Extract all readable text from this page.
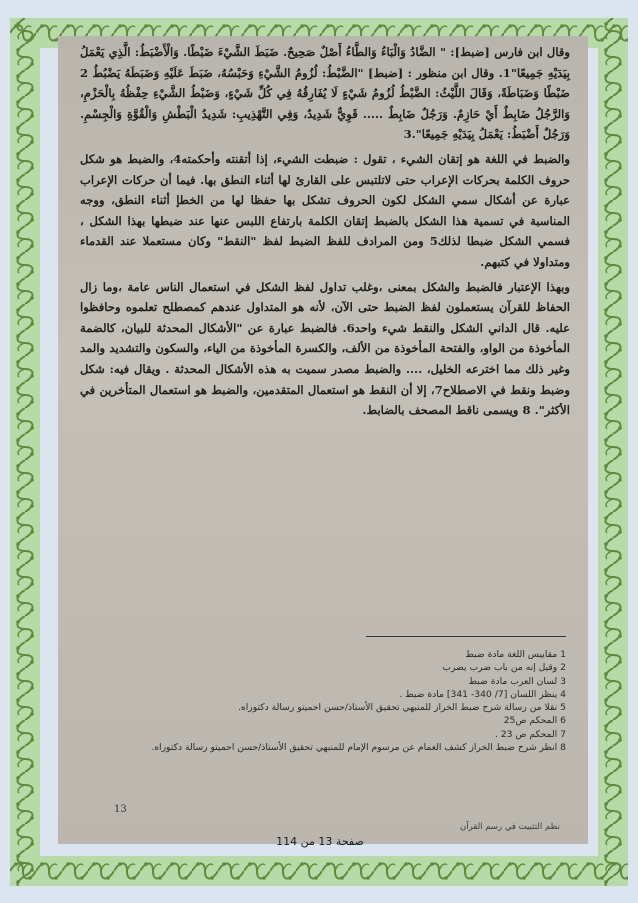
وقال ابن فارس [ضبط]: " الضَّادُ وَالْبَاءُ وَالطَّاءُ أَصْلٌ صَحِيحٌ. ضَبَطَ الشَّيْءَ ضَبْطًا. وَالْأَضْبَطُ: الَّذِي يَعْمَلُ بِيَدَيْهِ جَمِيعًا"1. وقال ابن منظور : [ضبط] "الضَّبْطُ: لُزُومُ الشَّيْءِ وَحَبْسُهُ، ضَبَطَ عَلَيْهِ وَضَبَطَهُ يَضْبُطُ 2 ضَبْطًا وَضَبَاطَةً، وَقَالَ اللَّيْثُ: الضَّبْطُ لُزُومُ شَيْءٍ لَا يُفَارِقُهُ فِي كُلِّ شَيْءٍ، وَضَبْطُ الشَّيْءِ حِفْظُهُ بِالْحَزْمِ، وَالرَّجُلُ ضَابِطٌ أَيْ حَازِمٌ. وَرَجُلٌ ضَابِطٌ ..... قَوِيٌّ شَدِيدٌ، وَفِي التَّهْذِيبِ: شَدِيدُ الْبَطْشِ وَالْقُوَّةِ وَالْجِسْمِ. وَرَجُلٌ أَضْبَطُ: يَعْمَلُ بِيَدَيْهِ جَمِيعًا".3

والضبط في اللغة هو إتقان الشيء ، تقول : ضبطت الشيء، إذا أتقنته وأحكمته4، والضبط هو شكل حروف الكلمة بحركات الإعراب حتى لاتلتبس على القارئ لها أثناء النطق بها. فيما أن حركات الإعراب عبارة عن أشكال سمي الشكل لكون الحروف تشكل بها حفظا لها من الخطإ أثناء النطق، ووجه المناسبة في تسمية هذا الشكل بالضبط إتقان الكلمة بارتفاع اللبس عنها عند ضبطها بهذا الشكل ، فسمي الشكل ضبطا لذلك5 ومن المرادف للفظ الضبط لفظ "النقط" وكان مستعملا عند القدماء ومتداولا في كتبهم.

وبهذا الإعتبار فالضبط والشكل بمعنى ،وغلب تداول لفظ الشكل في استعمال الناس عامة ،وما زال الحفاظ للقرآن يستعملون لفظ الضبط حتى الآن، لأنه هو المتداول عندهم كمصطلح تعلموه وحافظوا عليه. قال الداني الشكل والنقط شيء واحد6. فالضبط عبارة عن "الأشكال المحدثة للبيان، كالضمة المأخوذة من الواو، والفتحة المأخوذة من الألف، والكسرة المأخوذة من الياء، والسكون والتشديد والمد وغير ذلك مما اخترعه الخليل، .... والضبط مصدر سميت به هذه الأشكال المحدثة . ويقال فيه: شكل وضبط ونقط في الاصطلاح7، إلا أن النقط هو استعمال المتقدمين، والضبط هو استعمال المتأخرين في الأكثر". 8 ويسمى ناقط المصحف بالضابط.

1 مقاييس اللغة مادة ضبط
2 وقيل إنه من باب ضرب يضرب
3 لسان العرب مادة ضبط
4 ينظر اللسان [7/ 340- 341] مادة ضبط .
5 نقلا من رسالة شرح ضبط الخراز للمنبهي تحقيق الأستاذ/حسن احميتو رسالة دكتوراه.
6 المحكم ص25
7 المحكم ص 23 .
8 انظر شرح ضبط الخراز كشف الغمام عن مرسوم الإمام للمنبهي تحقيق الأستاذ/حسن احميتو رسالة دكتوراه.
13
نظم التثبيت في رسم القرآن
صفحة 13 من 114
